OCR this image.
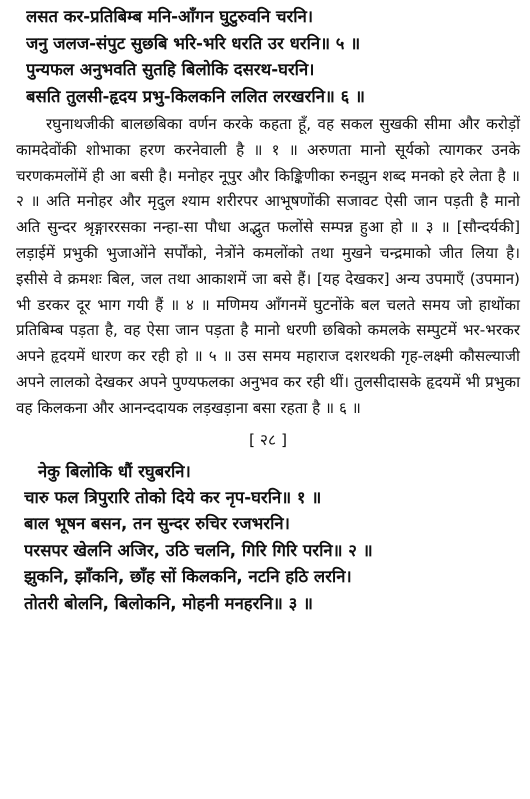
लसत कर-प्रतिबिम्ब मनि-आँगन घुटुरुवनि चरनि।
जनु जलज-संपुट सुछबि भरि-भरि धरति उर धरनि॥ ५ ॥
पुन्यफल अनुभवति सुतहि बिलोकि दसरथ-घरनि।
बसति तुलसी-हृदय प्रभु-किलकनि ललित लरखरनि॥ ६ ॥

रघुनाथजीकी बालछबिका वर्णन करके कहता हूँ, वह सकल सुखकी सीमा और करोड़ों कामदेवोंकी शोभाका हरण करनेवाली है ॥ १ ॥ अरुणता मानो सूर्यको त्यागकर उनके चरणकमलोंमें ही आ बसी है। मनोहर नूपुर और किङ्किणीका रुनझुन शब्द मनको हरे लेता है ॥ २ ॥ अति मनोहर और मृदुल श्याम शरीरपर आभूषणोंकी सजावट ऐसी जान पड़ती है मानो अति सुन्दर श्रृङ्गाररसका नन्हा-सा पौधा अद्भुत फलोंसे सम्पन्न हुआ हो ॥ ३ ॥ [सौन्दर्यकी] लड़ाईमें प्रभुकी भुजाओंने सर्पोंको, नेत्रोंने कमलोंको तथा मुखने चन्द्रमाको जीत लिया है। इसीसे वे क्रमशः बिल, जल तथा आकाशमें जा बसे हैं। [यह देखकर] अन्य उपमाएँ (उपमान) भी डरकर दूर भाग गयी हैं ॥ ४ ॥ मणिमय आँगनमें घुटनोंके बल चलते समय जो हाथोंका प्रतिबिम्ब पड़ता है, वह ऐसा जान पड़ता है मानो धरणी छबिको कमलके सम्पुटमें भर-भरकर अपने हृदयमें धारण कर रही हो ॥ ५ ॥ उस समय महाराज दशरथकी गृह-लक्ष्मी कौसल्याजी अपने लालको देखकर अपने पुण्यफलका अनुभव कर रही थीं। तुलसीदासके हृदयमें भी प्रभुका वह किलकना और आनन्ददायक लड़खड़ाना बसा रहता है ॥ ६ ॥

[ २८ ]
नेकु बिलोकि धौं रघुबरनि।
चारु फल त्रिपुरारि तोको दिये कर नृप-घरनि॥ १ ॥
बाल भूषन बसन, तन सुन्दर रुचिर रजभरनि।
परसपर खेलनि अजिर, उठि चलनि, गिरि गिरि परनि॥ २ ॥
झुकनि, झाँकनि, छाँह सों किलकनि, नटनि हठि लरनि।
तोतरी बोलनि, बिलोकनि, मोहनी मनहरनि॥ ३ ॥
